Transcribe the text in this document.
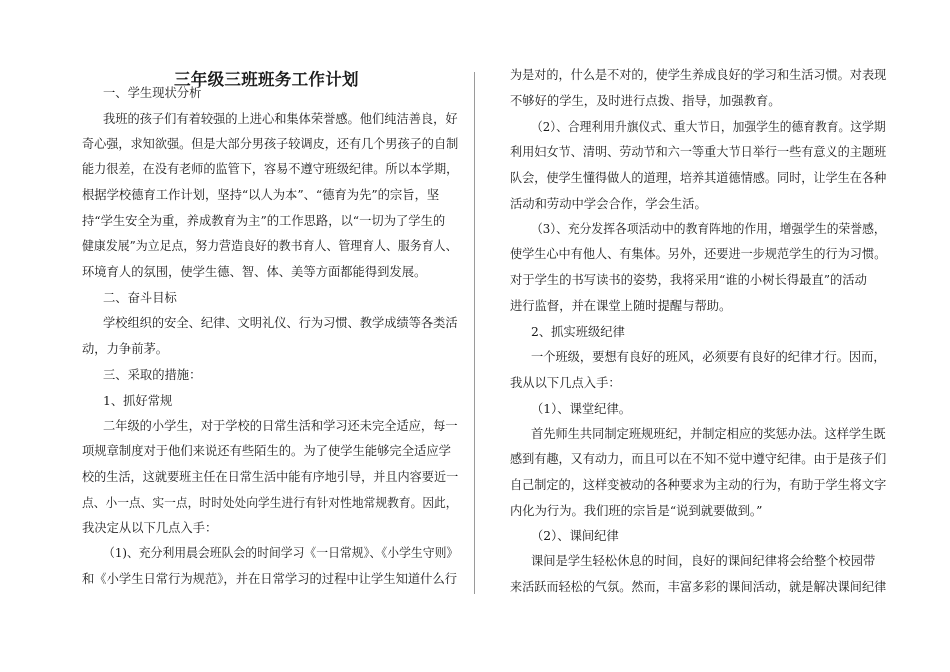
三年级三班班务工作计划
一、学生现状分析
我班的孩子们有着较强的上进心和集体荣誉感。他们纯洁善良，好
奇心强，求知欲强。但是大部分男孩子较调皮，还有几个男孩子的自制
能力很差，在没有老师的监管下，容易不遵守班级纪律。所以本学期，
根据学校德育工作计划，坚持“以人为本”、“德育为先”的宗旨，坚
持“学生安全为重，养成教育为主”的工作思路，以“一切为了学生的
健康发展”为立足点，努力营造良好的教书育人、管理育人、服务育人、
环境育人的氛围，使学生德、智、体、美等方面都能得到发展。
二、奋斗目标
学校组织的安全、纪律、文明礼仪、行为习惯、教学成绩等各类活
动，力争前茅。
三、采取的措施：
1、抓好常规
二年级的小学生，对于学校的日常生活和学习还未完全适应，每一
项规章制度对于他们来说还有些陌生的。为了使学生能够完全适应学
校的生活，这就要班主任在日常生活中能有序地引导，并且内容要近一
点、小一点、实一点，时时处处向学生进行有针对性地常规教育。因此，
我决定从以下几点入手：
（1)、充分利用晨会班队会的时间学习《一日常规》、《小学生守则》
和《小学生日常行为规范》，并在日常学习的过程中让学生知道什么行
为是对的，什么是不对的，使学生养成良好的学习和生活习惯。对表现
不够好的学生，及时进行点拨、指导，加强教育。
（2）、合理利用升旗仪式、重大节日，加强学生的德育教育。这学期
利用妇女节、清明、劳动节和六一等重大节日举行一些有意义的主题班
队会，使学生懂得做人的道理，培养其道德情感。同时，让学生在各种
活动和劳动中学会合作，学会生活。
（3）、充分发挥各项活动中的教育阵地的作用，增强学生的荣誉感，
使学生心中有他人、有集体。另外，还要进一步规范学生的行为习惯。
对于学生的书写读书的姿势，我将采用“谁的小树长得最直”的活动
进行监督，并在课堂上随时提醒与帮助。
2、抓实班级纪律
一个班级，要想有良好的班风，必须要有良好的纪律才行。因而，
我从以下几点入手：
（1）、课堂纪律。
首先师生共同制定班规班纪，并制定相应的奖惩办法。这样学生既
感到有趣，又有动力，而且可以在不知不觉中遵守纪律。由于是孩子们
自己制定的，这样变被动的各种要求为主动的行为，有助于学生将文字
内化为行为。我们班的宗旨是“说到就要做到。”
（2）、课间纪律
课间是学生轻松休息的时间，良好的课间纪律将会给整个校园带
来活跃而轻松的气氛。然而，丰富多彩的课间活动，就是解决课间纪律
